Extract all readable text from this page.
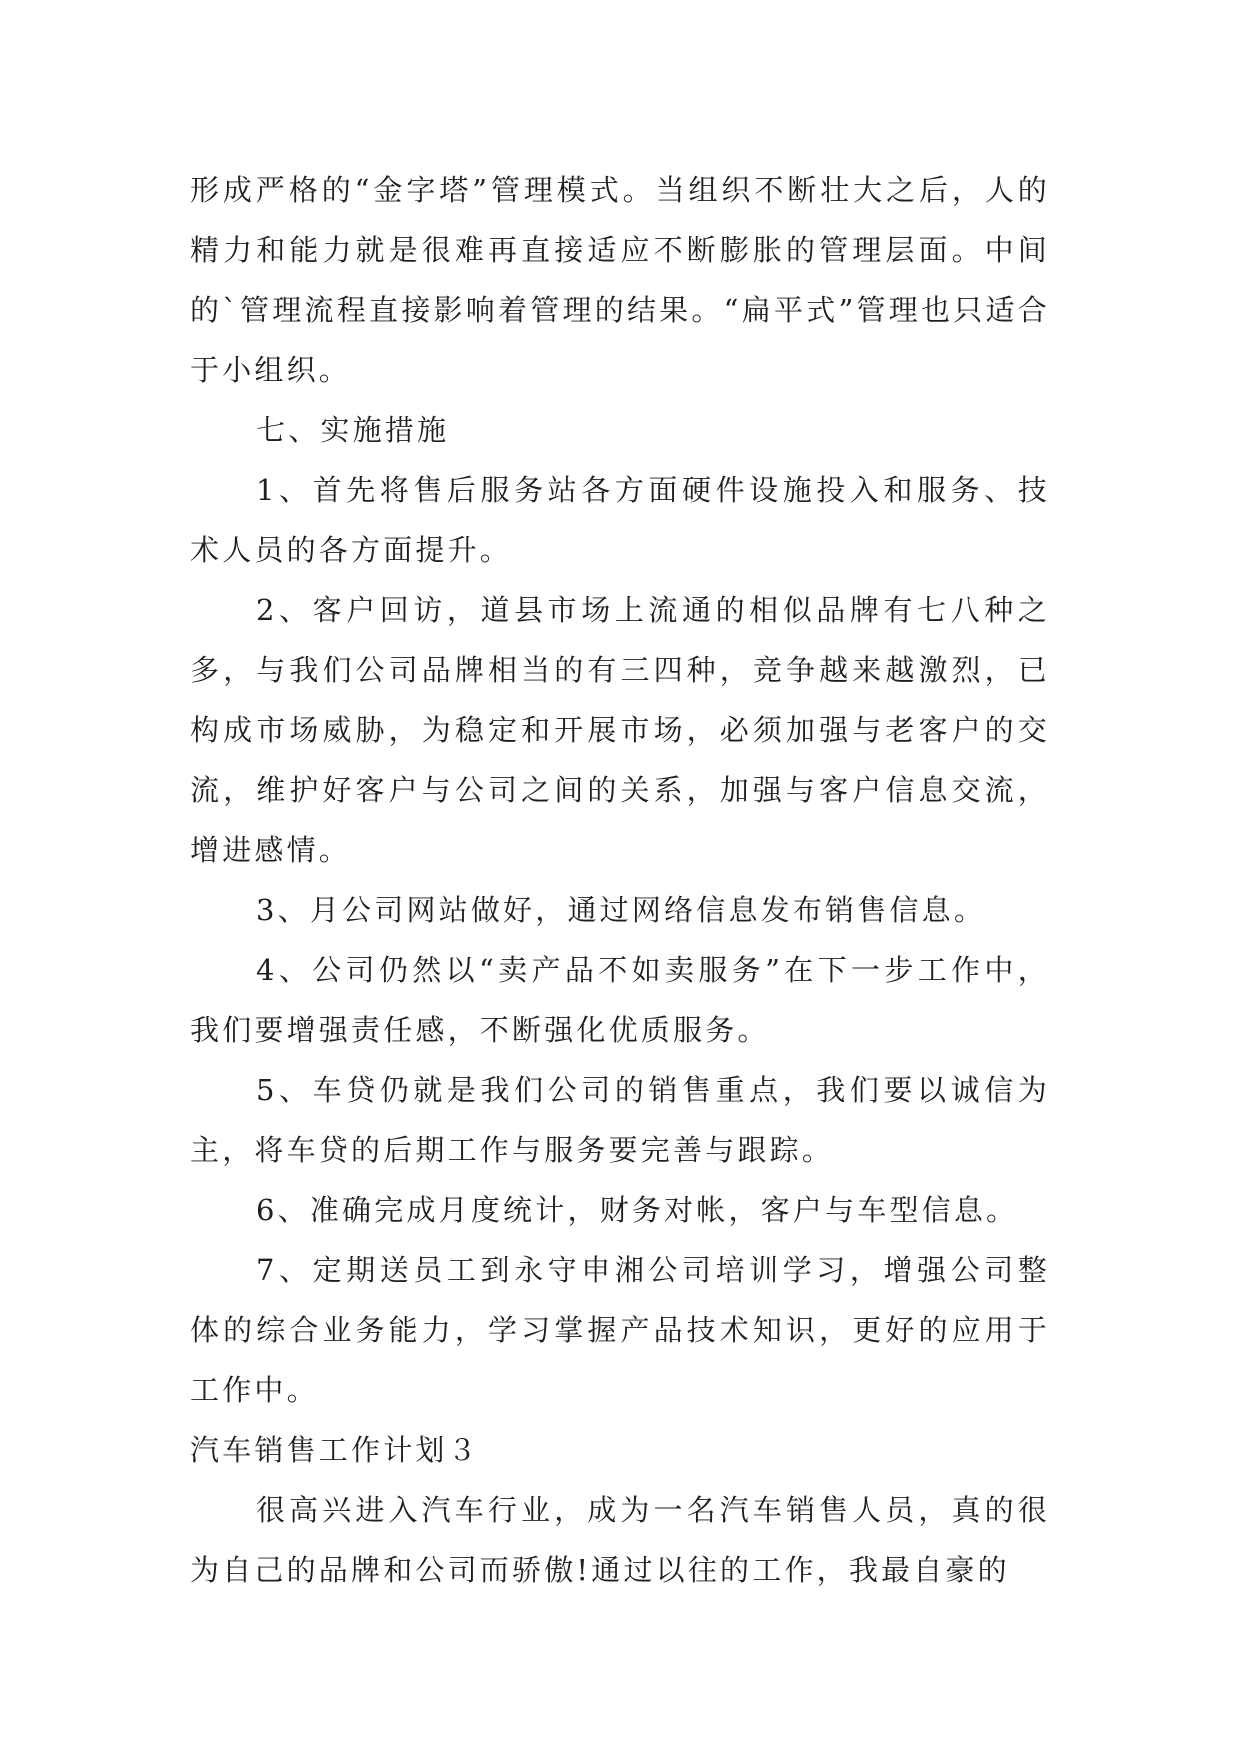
形成严格的“金字塔”管理模式。当组织不断壮大之后，人的精力和能力就是很难再直接适应不断膨胀的管理层面。中间的`管理流程直接影响着管理的结果。“扁平式”管理也只适合于小组织。

七、实施措施

1、首先将售后服务站各方面硬件设施投入和服务、技术人员的各方面提升。

2、客户回访，道县市场上流通的相似品牌有七八种之多，与我们公司品牌相当的有三四种，竞争越来越激烈，已构成市场威胁，为稳定和开展市场，必须加强与老客户的交流，维护好客户与公司之间的关系，加强与客户信息交流，增进感情。

3、月公司网站做好，通过网络信息发布销售信息。

4、公司仍然以“卖产品不如卖服务”在下一步工作中，我们要增强责任感，不断强化优质服务。

5、车贷仍就是我们公司的销售重点，我们要以诚信为主，将车贷的后期工作与服务要完善与跟踪。

6、准确完成月度统计，财务对帐，客户与车型信息。

7、定期送员工到永守申湘公司培训学习，增强公司整体的综合业务能力，学习掌握产品技术知识，更好的应用于工作中。

汽车销售工作计划３

很高兴进入汽车行业，成为一名汽车销售人员，真的很为自己的品牌和公司而骄傲!通过以往的工作，我最自豪的
